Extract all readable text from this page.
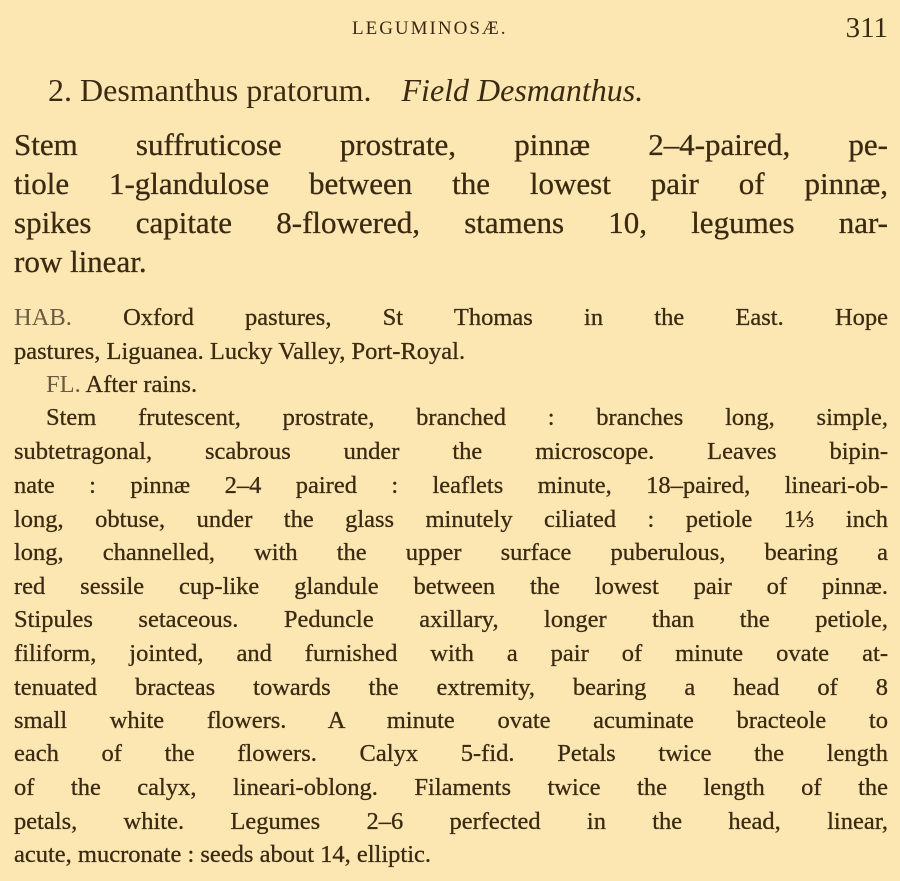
LEGUMINOSÆ.	311
2. Desmanthus pratorum. Field Desmanthus.
Stem suffruticose prostrate, pinnæ 2–4-paired, pe-
tiole 1-glandulose between the lowest pair of pinnæ,
spikes capitate 8-flowered, stamens 10, legumes nar-
row linear.
HAB. Oxford pastures, St Thomas in the East. Hope
pastures, Liguanea. Lucky Valley, Port-Royal.
FL. After rains.
Stem frutescent, prostrate, branched : branches long, simple,
subtetragonal, scabrous under the microscope. Leaves bipin-
nate : pinnæ 2–4 paired : leaflets minute, 18–paired, lineari-ob-
long, obtuse, under the glass minutely ciliated : petiole 1⅓ inch
long, channelled, with the upper surface puberulous, bearing a
red sessile cup-like glandule between the lowest pair of pinnæ.
Stipules setaceous. Peduncle axillary, longer than the petiole,
filiform, jointed, and furnished with a pair of minute ovate at-
tenuated bracteas towards the extremity, bearing a head of 8
small white flowers. A minute ovate acuminate bracteole to
each of the flowers. Calyx 5-fid. Petals twice the length
of the calyx, lineari-oblong. Filaments twice the length of the
petals, white. Legumes 2–6 perfected in the head, linear,
acute, mucronate : seeds about 14, elliptic.
